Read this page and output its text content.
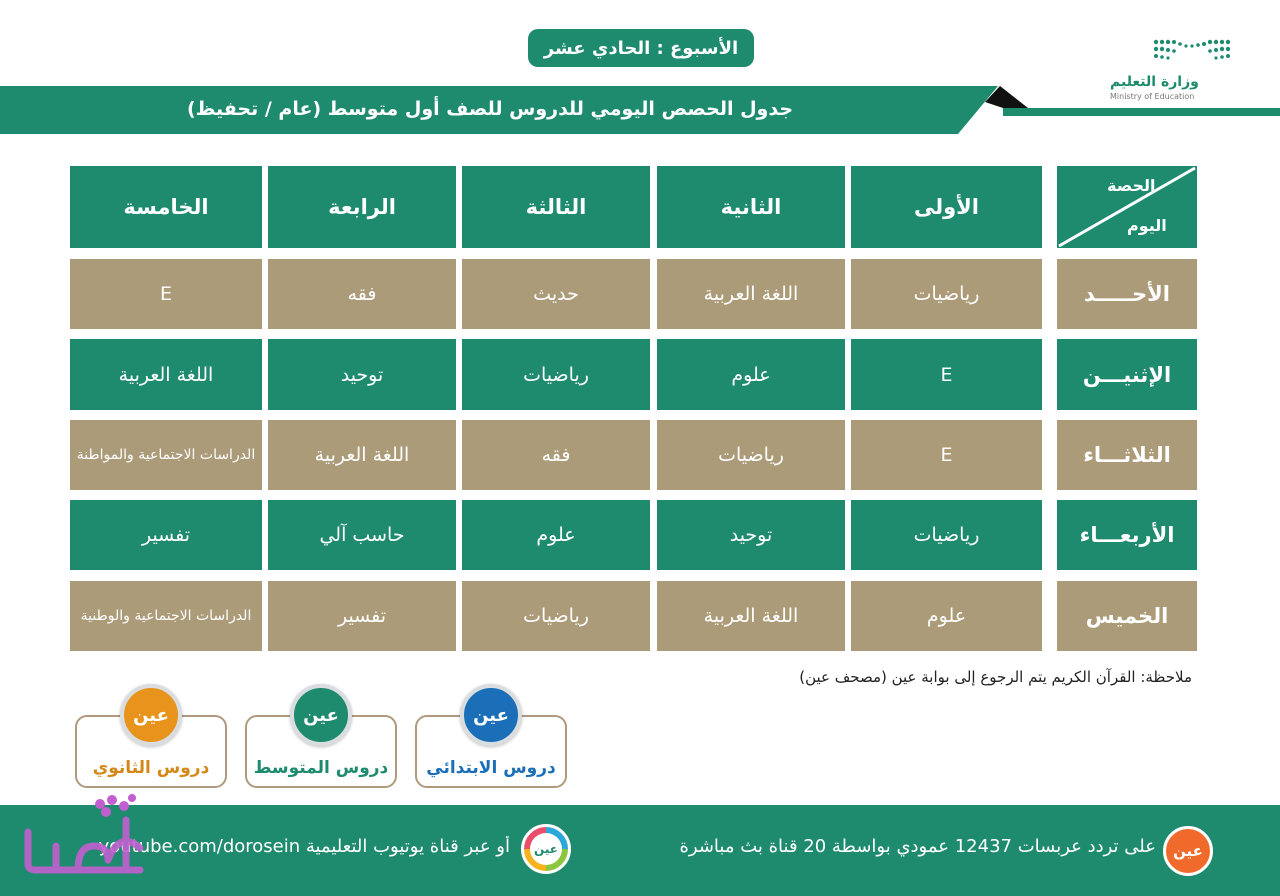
الأسبوع : الحادي عشر
وزارة التعليم
Ministry of Education
جدول الحصص اليومي للدروس للصف أول متوسط (عام / تحفيظ)
الحصة
اليوم
الأولى
الثانية
الثالثة
الرابعة
الخامسة
الأحـــــد
رياضيات
اللغة العربية
حديث
فقه
E
الإثنيـــن
E
علوم
رياضيات
توحيد
اللغة العربية
الثلاثـــاء
E
رياضيات
فقه
اللغة العربية
الدراسات الاجتماعية والمواطنة
الأربعـــاء
رياضيات
توحيد
علوم
حاسب آلي
تفسير
الخميس
علوم
اللغة العربية
رياضيات
تفسير
الدراسات الاجتماعية والوطنية
ملاحظة: القرآن الكريم يتم الرجوع إلى بوابة عين (مصحف عين)
عين
دروس الابتدائي
عين
دروس المتوسط
عين
دروس الثانوي
عين
على تردد عربسات 12437 عمودي بواسطة 20 قناة بث مباشرة
عين
أو عبر قناة يوتيوب التعليمية youtube.com/dorosein
